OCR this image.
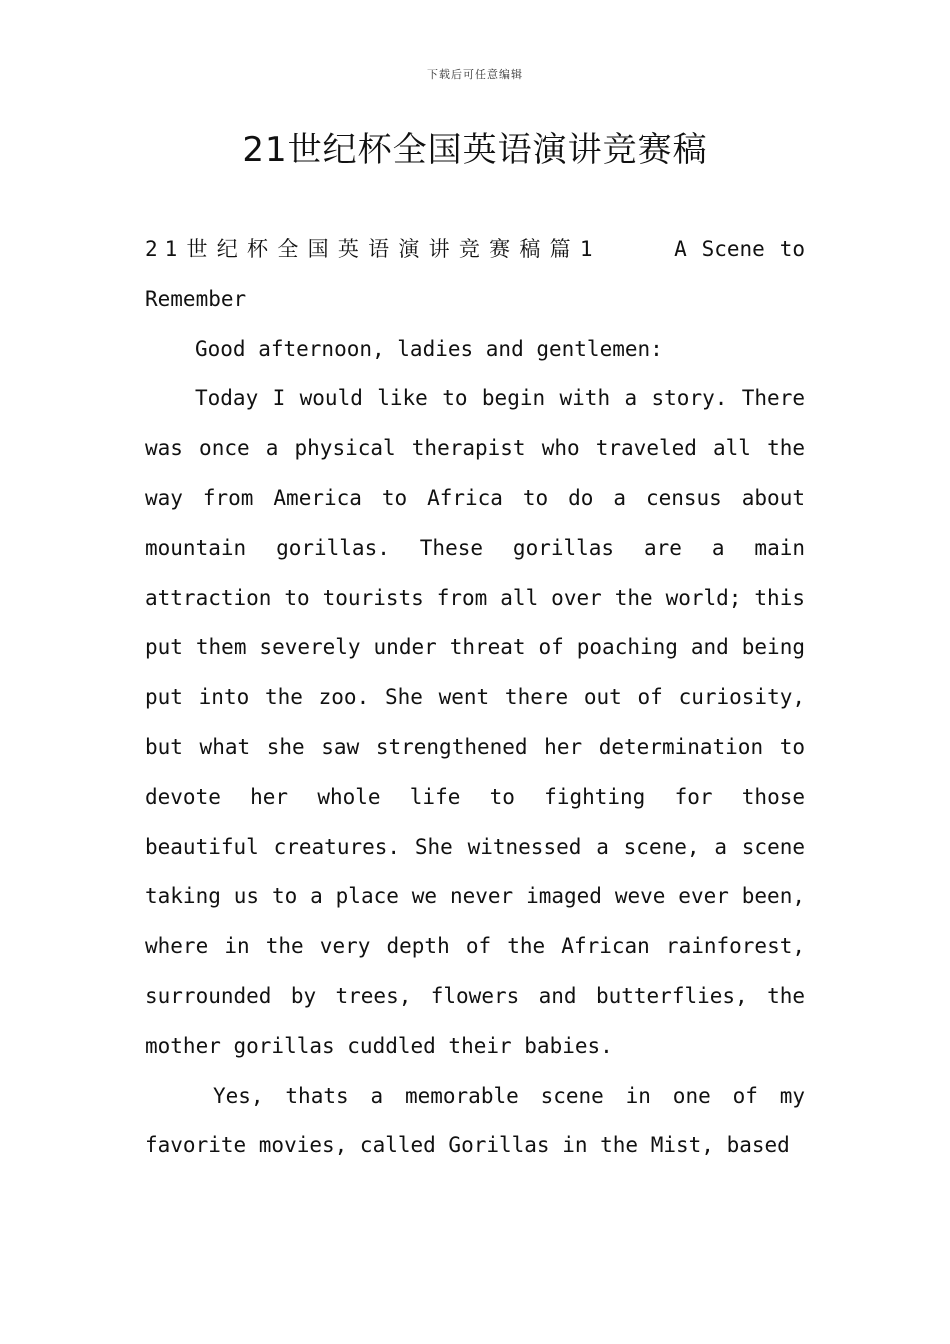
下载后可任意编辑
21世纪杯全国英语演讲竞赛稿

21世纪杯全国英语演讲竞赛稿篇1	A Scene to Remember

Good afternoon, ladies and gentlemen:

Today I would like to begin with a story. There was once a physical therapist who traveled all the way from America to Africa to do a census about mountain gorillas. These gorillas are a main attraction to tourists from all over the world; this put them severely under threat of poaching and being put into the zoo. She went there out of curiosity, but what she saw strengthened her determination to devote her whole life to fighting for those beautiful creatures. She witnessed a scene, a scene taking us to a place we never imaged weve ever been, where in the very depth of the African rainforest, surrounded by trees, flowers and butterflies, the mother gorillas cuddled their babies.

Yes, thats a memorable scene in one of my favorite movies, called Gorillas in the Mist, based
